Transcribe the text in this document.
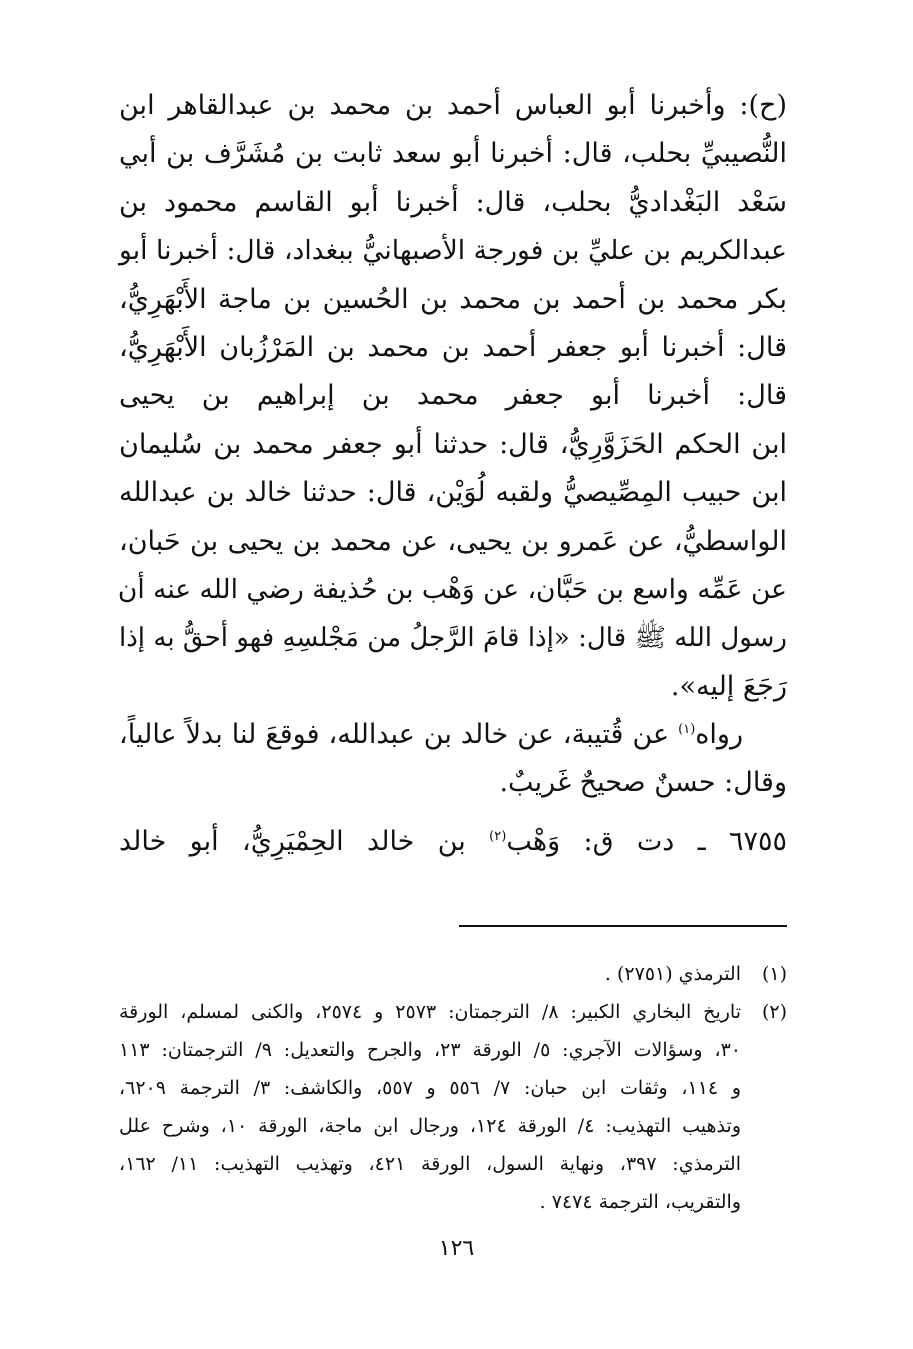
(ح): وأخبرنا أبو العباس أحمد بن محمد بن عبدالقاهر ابن
النُّصيبيِّ بحلب، قال: أخبرنا أبو سعد ثابت بن مُشَرَّف بن أبي
سَعْد البَغْداديُّ بحلب، قال: أخبرنا أبو القاسم محمود بن
عبدالكريم بن عليِّ بن فورجة الأصبهانيُّ ببغداد، قال: أخبرنا أبو
بكر محمد بن أحمد بن محمد بن الحُسين بن ماجة الأَبْهَرِيُّ،
قال: أخبرنا أبو جعفر أحمد بن محمد بن المَرْزُبان الأَبْهَرِيُّ،
قال: أخبرنا أبو جعفر محمد بن إبراهيم بن يحيى
ابن الحكم الحَزَوَّرِيُّ، قال: حدثنا أبو جعفر محمد بن سُليمان
ابن حبيب المِصِّيصيُّ ولقبه لُوَيْن، قال: حدثنا خالد بن عبدالله
الواسطيُّ، عن عَمرو بن يحيى، عن محمد بن يحيى بن حَبان،
عن عَمِّه واسع بن حَبَّان، عن وَهْب بن حُذيفة رضي الله عنه أن
رسول الله ﷺ قال: «إذا قامَ الرَّجلُ من مَجْلسِهِ فهو أحقُّ به إذا
رَجَعَ إليه».
رواه$^{(١)}$ عن قُتيبة، عن خالد بن عبدالله، فوقعَ لنا بدلاً عالياً،
وقال: حسنٌ صحيحٌ غَريبٌ.
٦٧٥٥ ـ دت ق: وَهْب$^{(٢)}$ بن خالد الحِمْيَرِيُّ، أبو خالد
(١)
الترمذي (٢٧٥١) .
(٢)
تاريخ البخاري الكبير: ٨/ الترجمتان: ٢٥٧٣ و ٢٥٧٤، والكنى لمسلم، الورقة
٣٠، وسؤالات الآجري: ٥/ الورقة ٢٣، والجرح والتعديل: ٩/ الترجمتان: ١١٣
و ١١٤، وثقات ابن حبان: ٧/ ٥٥٦ و ٥٥٧، والكاشف: ٣/ الترجمة ٦٢٠٩،
وتذهيب التهذيب: ٤/ الورقة ١٢٤، ورجال ابن ماجة، الورقة ١٠، وشرح علل
الترمذي: ٣٩٧، ونهاية السول، الورقة ٤٢١، وتهذيب التهذيب: ١١/ ١٦٢،
والتقريب، الترجمة ٧٤٧٤ .
١٢٦
